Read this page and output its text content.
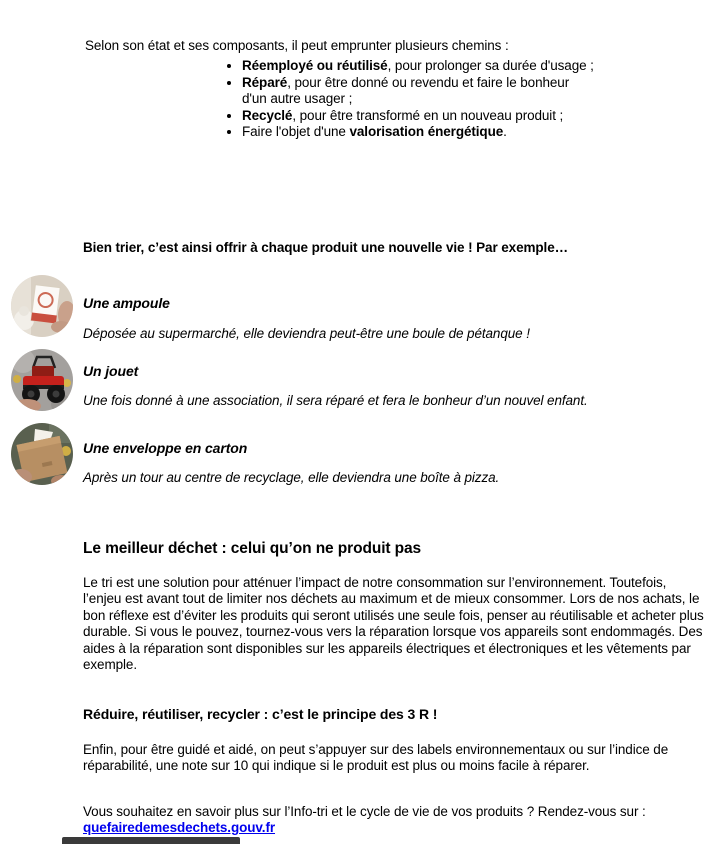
Selon son état et ses composants, il peut emprunter plusieurs chemins :

• Réemployé ou réutilisé, pour prolonger sa durée d'usage ;
• Réparé, pour être donné ou revendu et faire le bonheur d'un autre usager ;
• Recyclé, pour être transformé en un nouveau produit ;
• Faire l'objet d'une valorisation énergétique.

Bien trier, c’est ainsi offrir à chaque produit une nouvelle vie ! Par exemple…

Une ampoule

Déposée au supermarché, elle deviendra peut-être une boule de pétanque !

Un jouet

Une fois donné à une association, il sera réparé et fera le bonheur d’un nouvel enfant.

Une enveloppe en carton

Après un tour au centre de recyclage, elle deviendra une boîte à pizza.

Le meilleur déchet : celui qu’on ne produit pas

Le tri est une solution pour atténuer l’impact de notre consommation sur l’environnement. Toutefois, l’enjeu est avant tout de limiter nos déchets au maximum et de mieux consommer. Lors de nos achats, le bon réflexe est d’éviter les produits qui seront utilisés une seule fois, penser au réutilisable et acheter plus durable. Si vous le pouvez, tournez-vous vers la réparation lorsque vos appareils sont endommagés. Des aides à la réparation sont disponibles sur les appareils électriques et électroniques et les vêtements par exemple.

Réduire, réutiliser, recycler : c’est le principe des 3 R !

Enfin, pour être guidé et aidé, on peut s’appuyer sur des labels environnementaux ou sur l’indice de réparabilité, une note sur 10 qui indique si le produit est plus ou moins facile à réparer.

Vous souhaitez en savoir plus sur l’Info-tri et le cycle de vie de vos produits ? Rendez-vous sur : quefairedemesdechets.gouv.fr
